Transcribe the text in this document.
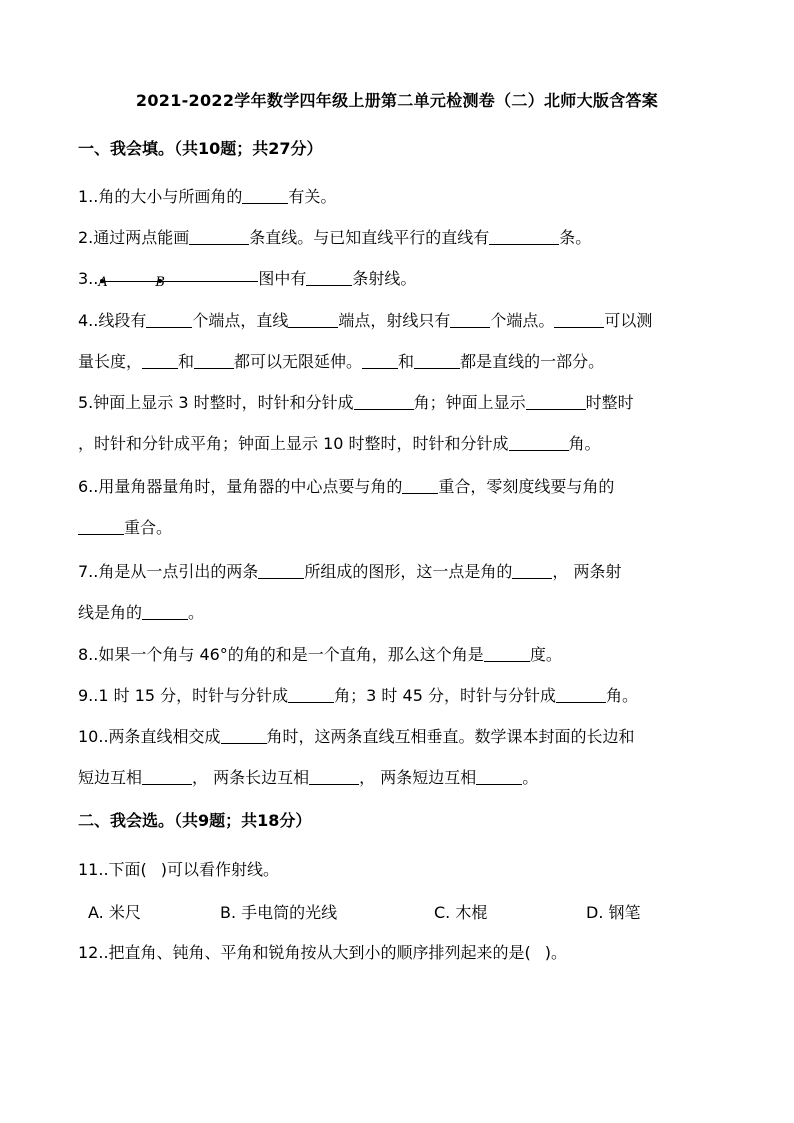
2021-2022学年数学四年级上册第二单元检测卷（二）北师大版含答案
一、我会填。（共10题；共27分）
1..角的大小与所画角的	有关。
2.通过两点能画	条直线。与已知直线平行的直线有	条。
3.. A	B	图中有	条射线。
4..线段有	个端点，直线	端点，射线只有	个端点。	可以测
量长度， 和	都可以无限延伸。 和	都是直线的一部分。
5.钟面上显示 3 时整时，时针和分针成	角；钟面上显示	时整时
，时针和分针成平角；钟面上显示 10 时整时，时针和分针成	角。
6..用量角器量角时，量角器的中心点要与角的 重合，零刻度线要与角的
重合。
7..角是从一点引出的两条	所组成的图形，这一点是角的	， 两条射
线是角的	。
8..如果一个角与 46°的角的和是一个直角，那么这个角是	度。
9..1 时 15 分，时针与分针成	角；3 时 45 分，时针与分针成	角。
10..两条直线相交成	角时，这两条直线互相垂直。数学课本封面的长边和
短边互相	， 两条长边互相	， 两条短边互相	。
二、我会选。（共9题；共18分）
11..下面( )可以看作射线。
A. 米尺	B. 手电筒的光线	C. 木棍	D. 钢笔
12..把直角、钝角、平角和锐角按从大到小的顺序排列起来的是( )。
